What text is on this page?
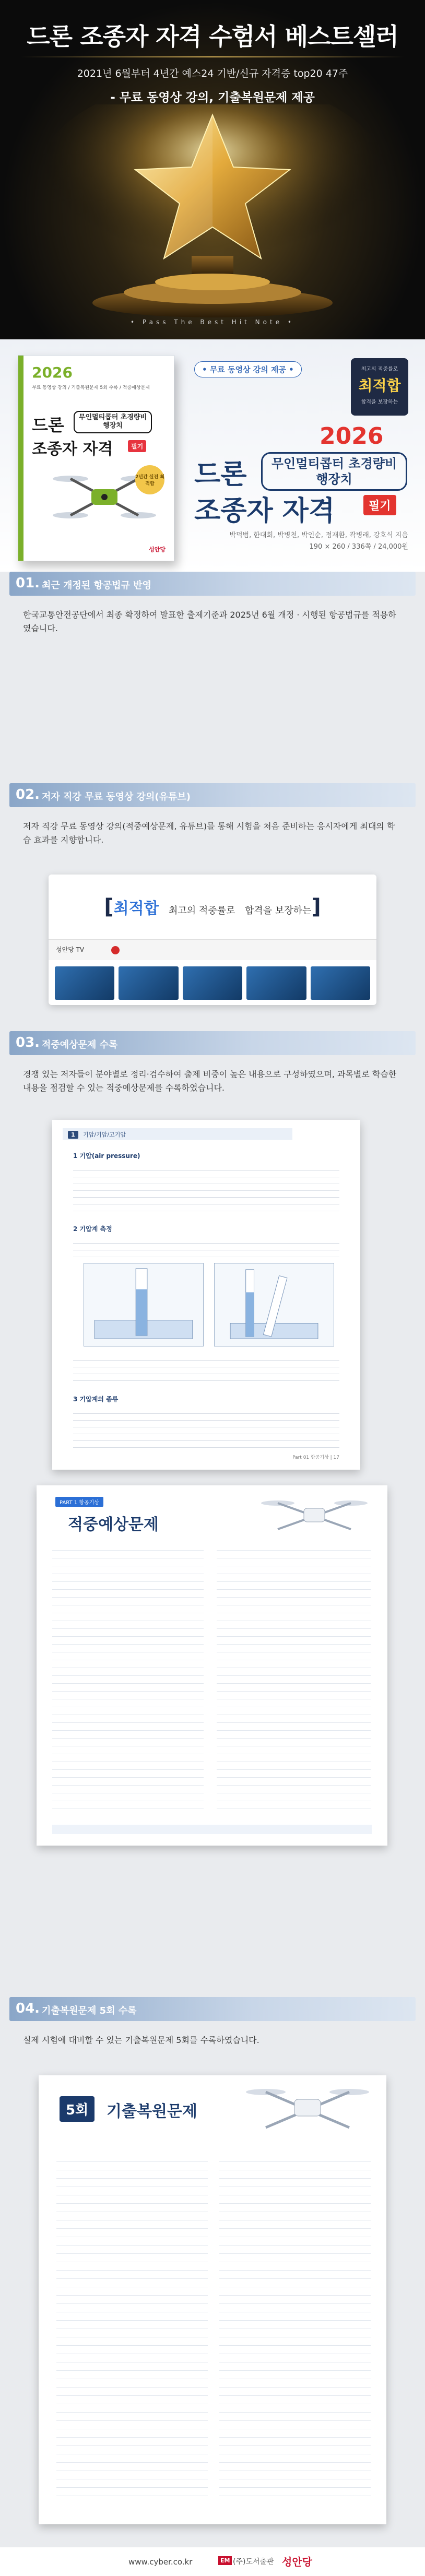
드론 조종자 자격 수험서 베스트셀러
2021년 6월부터 4년간 예스24 기반/신규 자격증 top20 47주
- 무료 동영상 강의, 기출복원문제 제공
• Pass The Best Hit Note •
2026
무료 동영상 강의 / 기출복원문제 5회 수록 / 적중예상문제
드론	무인멀티콥터 초경량비행장치
조종자 자격	필기
2년간 실전 최적합
성안당
• 무료 동영상 강의 제공 •	최고의 적중률로
최적합
합격을 보장하는
2026
드론	무인멀티콥터 초경량비행장치
조종자 자격	필기
박덕범, 한대회, 박병천, 박인순, 정재환, 곽병래, 강호식 지음
190 × 260 / 336쪽 / 24,000원
01. 최근 개정된 항공법규 반영
한국교통안전공단에서 최종 확정하여 발표한 출제기준과 2025년 6월 개정 · 시행된 항공법규를 적용하였습니다.
02. 저자 직강 무료 동영상 강의(유튜브)
저자 직강 무료 동영상 강의(적중예상문제, 유튜브)를 통해 시험을 처음 준비하는 응시자에게 최대의 학습 효과를 지향합니다.
[ 최적합 최고의 적중률로 합격을 보장하는 ]
성안당 TV
03. 적중예상문제 수록
경쟁 있는 저자들이 분야별로 정리·검수하여 출제 비중이 높은 내용으로 구성하였으며, 과목별로 학습한 내용을 점검할 수 있는 적중예상문제를 수록하였습니다.
1 기압/기압/고기압
1 기압(air pressure)
2 기압계 측정
3 기압계의 종류
Part 01 항공기상 | 17
PART 1 항공기상
적중예상문제
04. 기출복원문제 5회 수록
실제 시험에 대비할 수 있는 기출복원문제 5회를 수록하였습니다.
5회	기출복원문제
www.cyber.co.kr	EM (주)도서출판 성안당
